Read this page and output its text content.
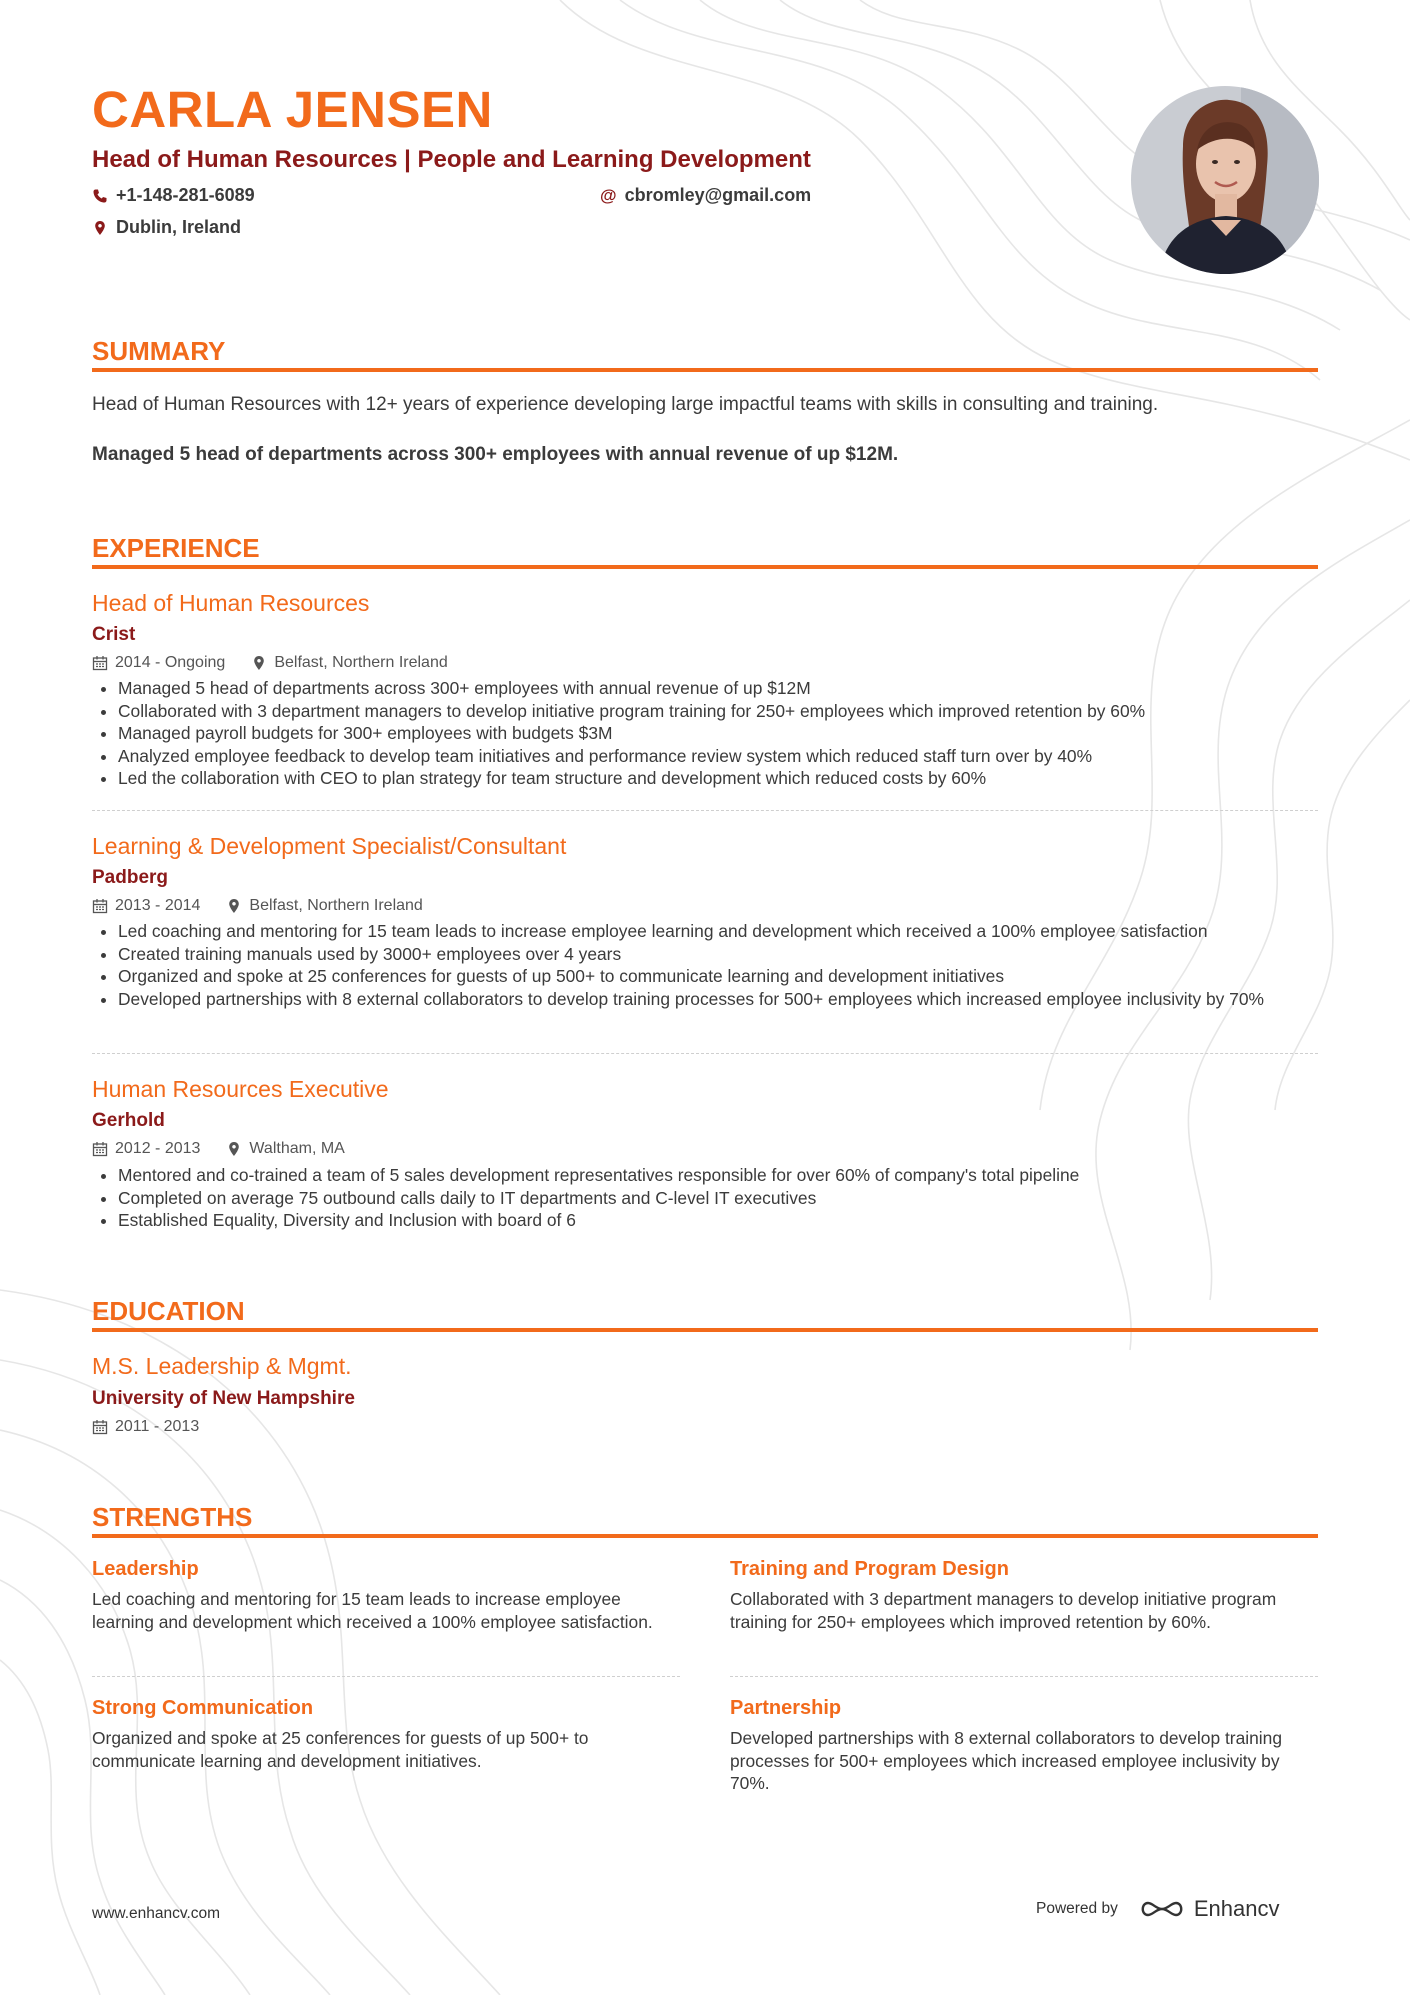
CARLA JENSEN
Head of Human Resources | People and Learning Development
+1-148-281-6089	@ cbromley@gmail.com
Dublin, Ireland
SUMMARY
Head of Human Resources with 12+ years of experience developing large impactful teams with skills in consulting and training.
Managed 5 head of departments across 300+ employees with annual revenue of up $12M.
EXPERIENCE
Head of Human Resources
Crist
2014 - Ongoing	Belfast, Northern Ireland
• Managed 5 head of departments across 300+ employees with annual revenue of up $12M
• Collaborated with 3 department managers to develop initiative program training for 250+ employees which improved retention by 60%
• Managed payroll budgets for 300+ employees with budgets $3M
• Analyzed employee feedback to develop team initiatives and performance review system which reduced staff turn over by 40%
• Led the collaboration with CEO to plan strategy for team structure and development which reduced costs by 60%
Learning & Development Specialist/Consultant
Padberg
2013 - 2014	Belfast, Northern Ireland
• Led coaching and mentoring for 15 team leads to increase employee learning and development which received a 100% employee satisfaction
• Created training manuals used by 3000+ employees over 4 years
• Organized and spoke at 25 conferences for guests of up 500+ to communicate learning and development initiatives
• Developed partnerships with 8 external collaborators to develop training processes for 500+ employees which increased employee inclusivity by 70%
Human Resources Executive
Gerhold
2012 - 2013	Waltham, MA
• Mentored and co-trained a team of 5 sales development representatives responsible for over 60% of company's total pipeline
• Completed on average 75 outbound calls daily to IT departments and C-level IT executives
• Established Equality, Diversity and Inclusion with board of 6
EDUCATION
M.S. Leadership & Mgmt.
University of New Hampshire
2011 - 2013
STRENGTHS
Leadership
Led coaching and mentoring for 15 team leads to increase employee learning and development which received a 100% employee satisfaction.
Training and Program Design
Collaborated with 3 department managers to develop initiative program training for 250+ employees which improved retention by 60%.
Strong Communication
Organized and spoke at 25 conferences for guests of up 500+ to communicate learning and development initiatives.
Partnership
Developed partnerships with 8 external collaborators to develop training processes for 500+ employees which increased employee inclusivity by 70%.
www.enhancv.com	Powered by	Enhancv
